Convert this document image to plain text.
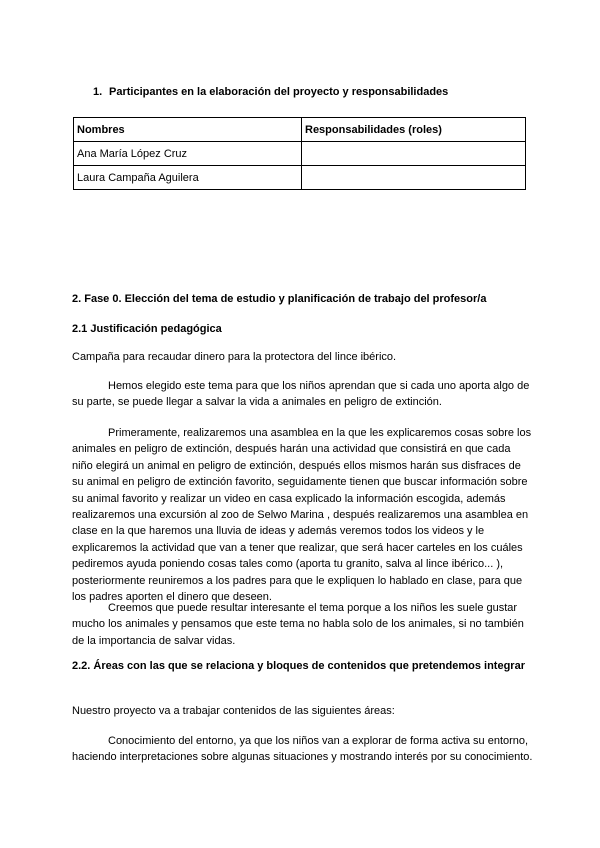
1. Participantes en la elaboración del proyecto y responsabilidades
Nombres	Responsabilidades (roles)
Ana María López Cruz	
Laura Campaña Aguilera	
2. Fase 0. Elección del tema de estudio y planificación de trabajo del profesor/a
2.1 Justificación pedagógica
Campaña para recaudar dinero para la protectora del lince ibérico.

Hemos elegido este tema para que los niños aprendan que si cada uno aporta algo de su parte, se puede llegar a salvar la vida a animales en peligro de extinción.

Primeramente, realizaremos una asamblea en la que les explicaremos cosas sobre los animales en peligro de extinción, después harán una actividad que consistirá en que cada niño elegirá un animal en peligro de extinción, después ellos mismos harán sus disfraces de su animal en peligro de extinción favorito, seguidamente tienen que buscar información sobre su animal favorito y realizar un video en casa explicado la información escogida, además realizaremos una excursión al zoo de Selwo Marina , después realizaremos una asamblea en clase en la que haremos una lluvia de ideas y además veremos todos los videos y le explicaremos la actividad que van a tener que realizar, que será hacer carteles en los cuáles pediremos ayuda poniendo cosas tales como (aporta tu granito, salva al lince ibérico... ), posteriormente reuniremos a los padres para que le expliquen lo hablado en clase, para que los padres aporten el dinero que deseen.

Creemos que puede resultar interesante el tema porque a los niños les suele gustar mucho los animales y pensamos que este tema no habla solo de los animales, si no también de la importancia de salvar vidas.

2.2. Áreas con las que se relaciona y bloques de contenidos que pretendemos integrar
Nuestro proyecto va a trabajar contenidos de las siguientes áreas:

Conocimiento del entorno, ya que los niños van a explorar de forma activa su entorno, haciendo interpretaciones sobre algunas situaciones y mostrando interés por su conocimiento.
